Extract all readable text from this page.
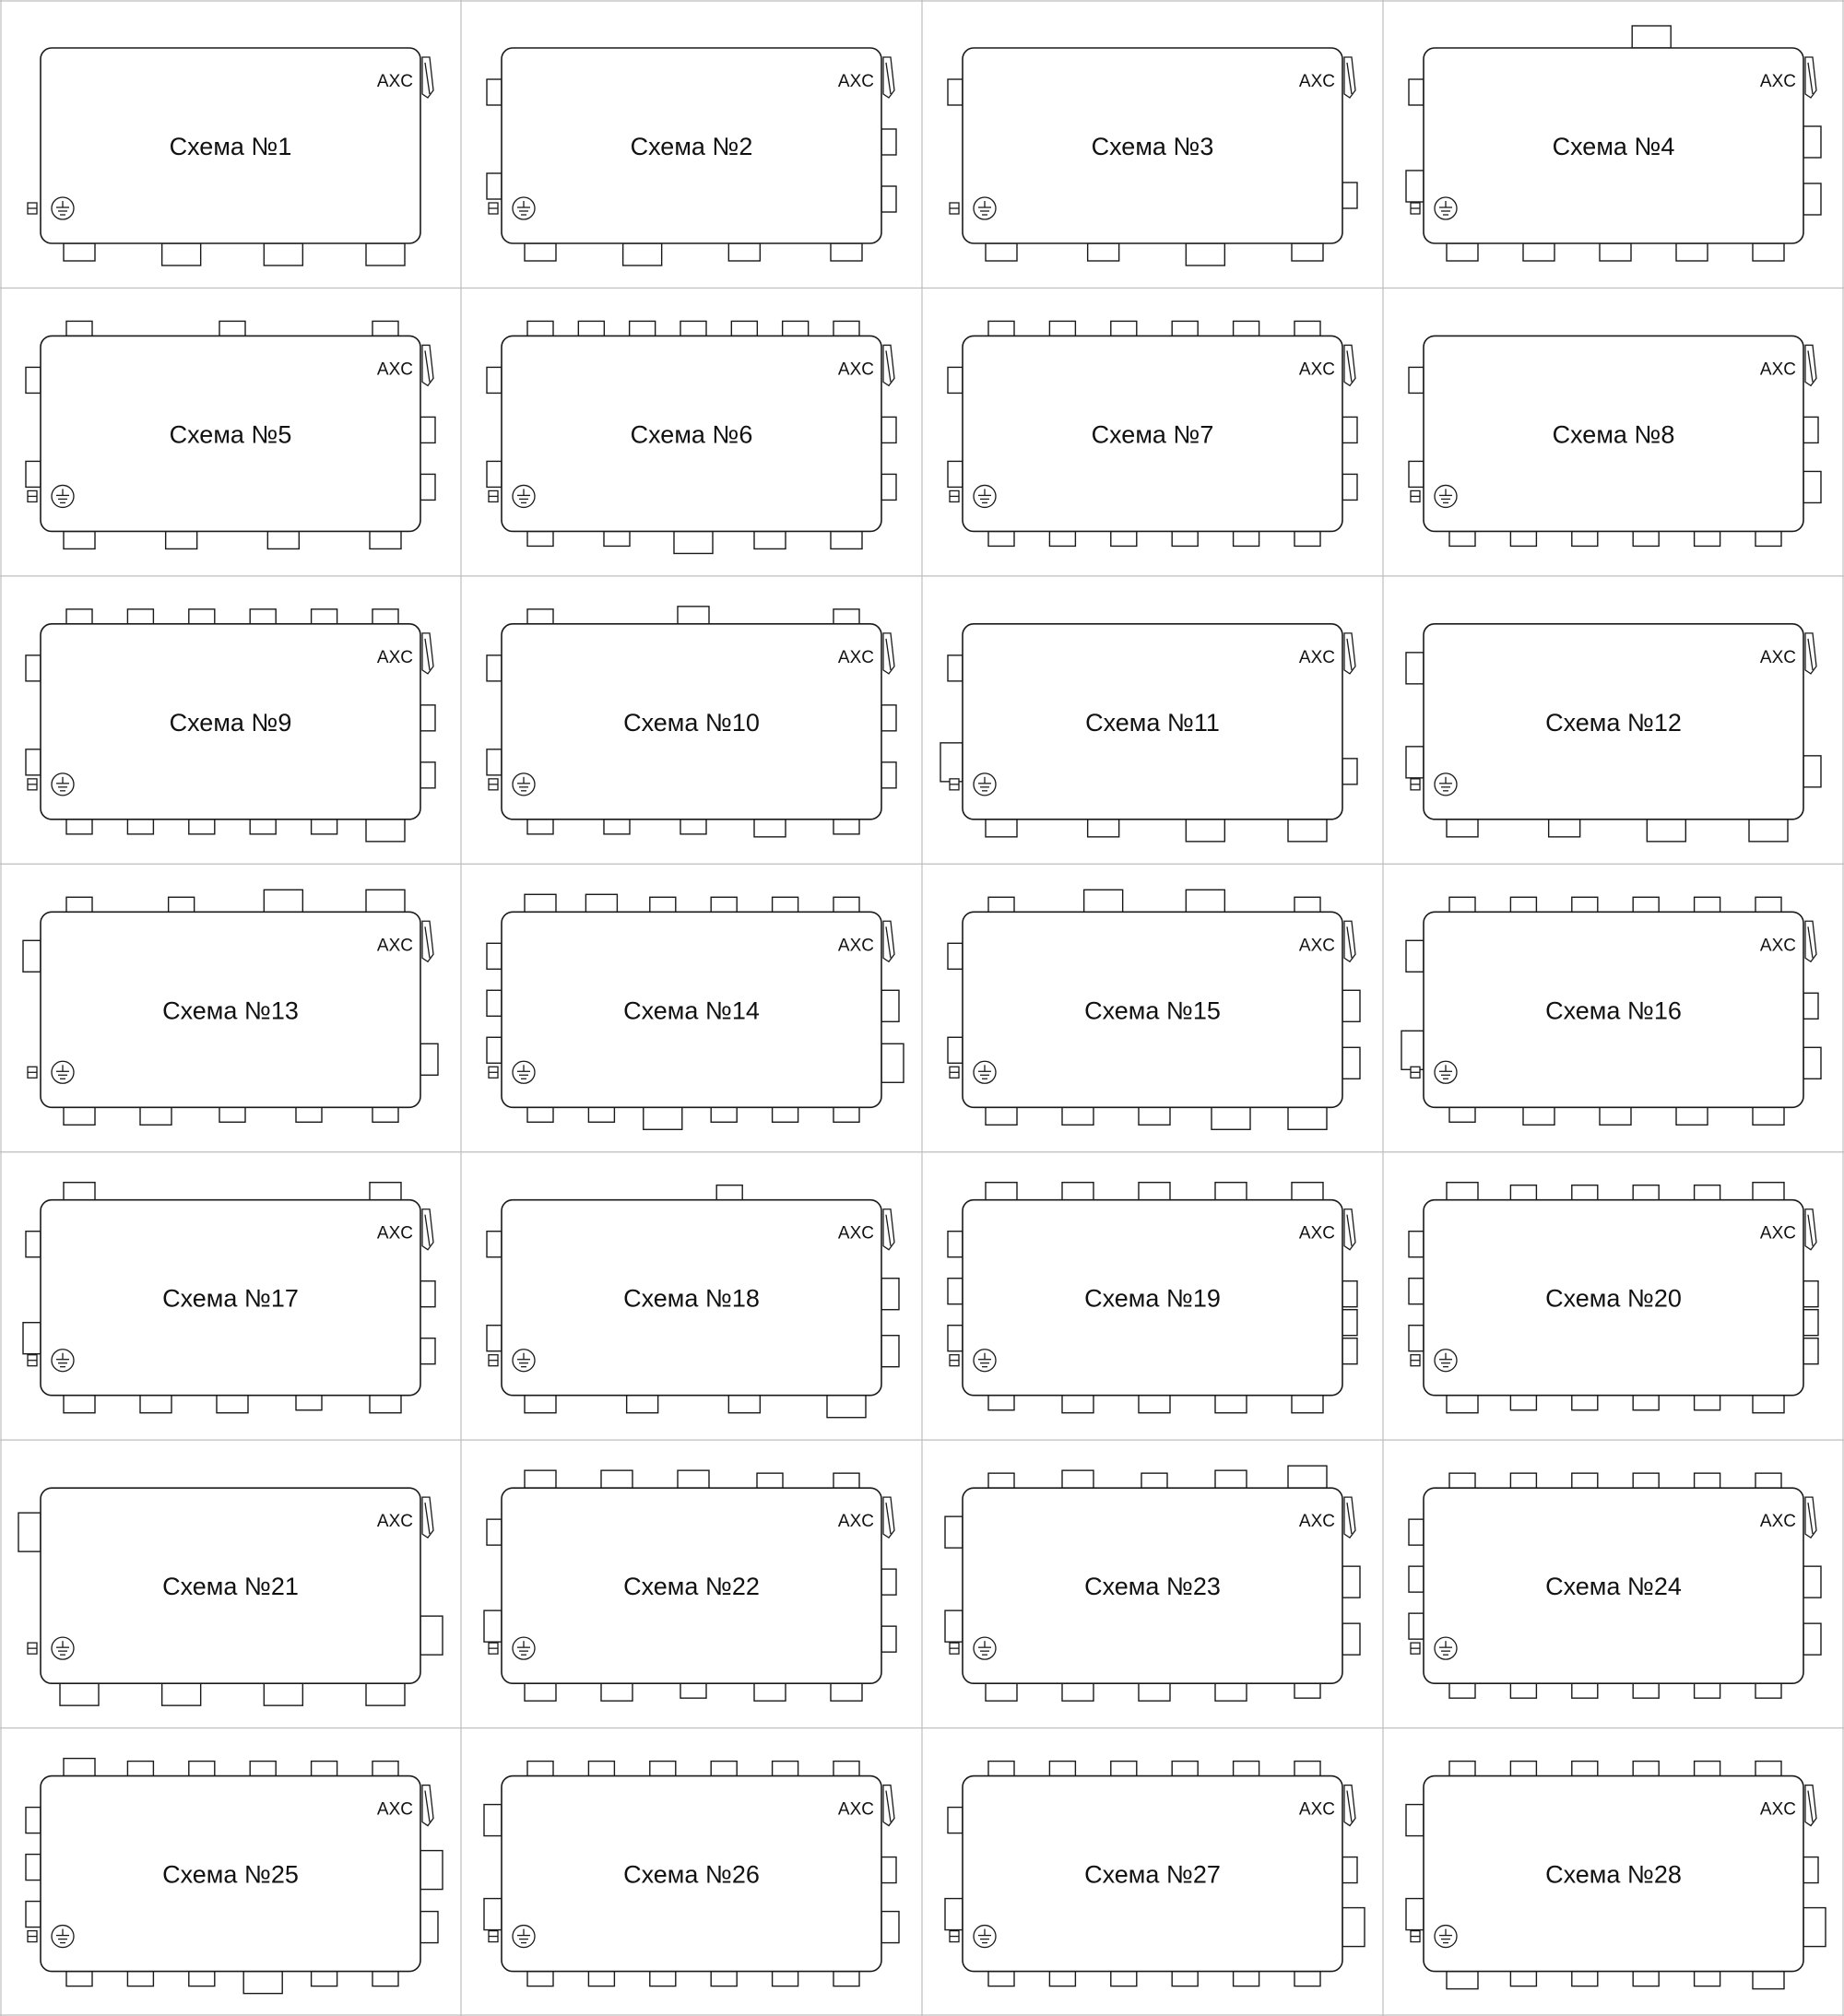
AXC
Схема №1
AXC
Схема №2
AXC
Схема №3
AXC
Схема №4
AXC
Схема №5
AXC
Схема №6
AXC
Схема №7
AXC
Схема №8
AXC
Схема №9
AXC
Схема №10
AXC
Схема №11
AXC
Схема №12
AXC
Схема №13
AXC
Схема №14
AXC
Схема №15
AXC
Схема №16
AXC
Схема №17
AXC
Схема №18
AXC
Схема №19
AXC
Схема №20
AXC
Схема №21
AXC
Схема №22
AXC
Схема №23
AXC
Схема №24
AXC
Схема №25
AXC
Схема №26
AXC
Схема №27
AXC
Схема №28
